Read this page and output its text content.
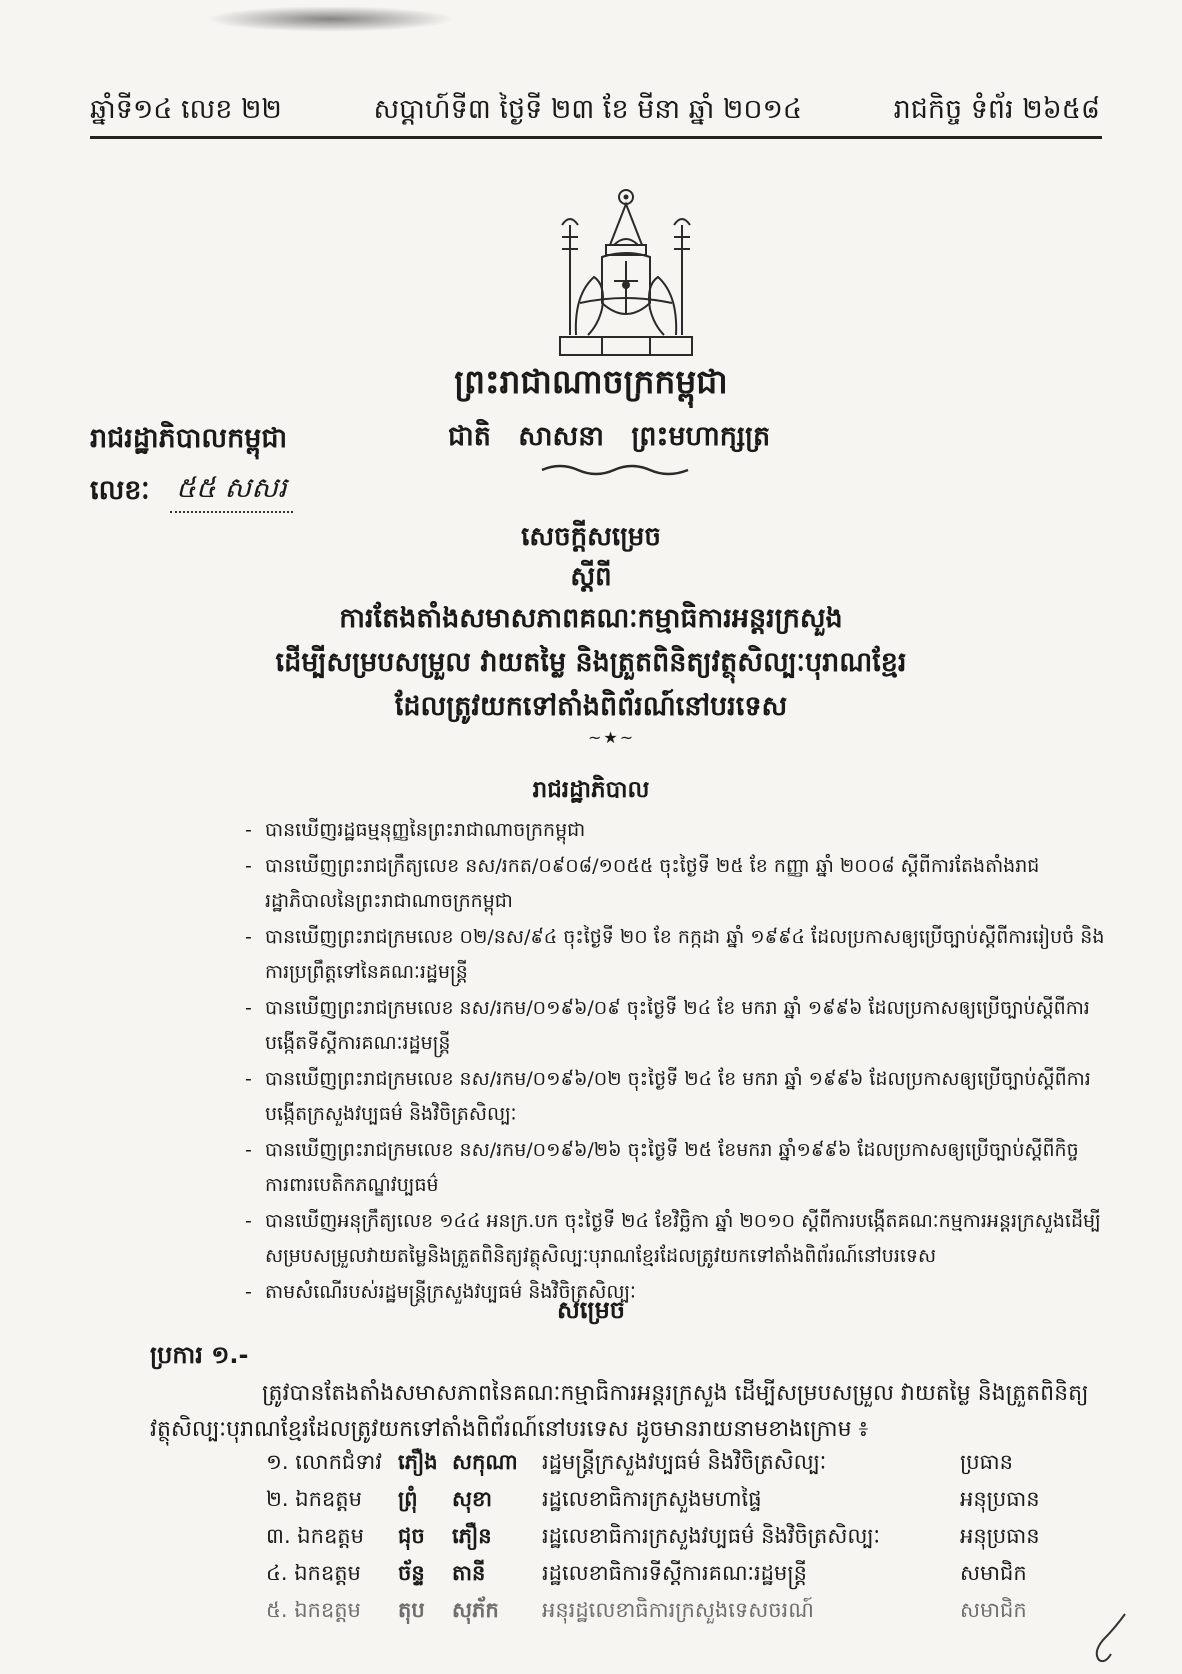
ឆ្នាំទី១៤ លេខ ២២	សប្ដាហ៍ទី៣ ថ្ងៃទី ២៣ ខែ មីនា ឆ្នាំ ២០១៤	រាជកិច្ច ទំព័រ ២៦៥៨
ព្រះរាជាណាចក្រកម្ពុជា
ជាតិ សាសនា ព្រះមហាក្សត្រ
រាជរដ្ឋាភិបាលកម្ពុជា
លេខៈ ៥៥ សសរ
សេចក្ដីសម្រេច
ស្ដីពី
ការតែងតាំងសមាសភាពគណៈកម្មាធិការអន្តរក្រសួង
ដើម្បីសម្របសម្រួល វាយតម្លៃ និងត្រួតពិនិត្យវត្ថុសិល្បៈបុរាណខ្មែរ
ដែលត្រូវយកទៅតាំងពិព័រណ៍នៅបរទេស
~★~
រាជរដ្ឋាភិបាល
- បានឃើញរដ្ឋធម្មនុញ្ញនៃព្រះរាជាណាចក្រកម្ពុជា
- បានឃើញព្រះរាជក្រឹត្យលេខ នស/រកត/០៩០៨/១០៥៥ ចុះថ្ងៃទី ២៥ ខែ កញ្ញា ឆ្នាំ ២០០៨ ស្ដីពីការតែងតាំងរាជរដ្ឋាភិបាលនៃព្រះរាជាណាចក្រកម្ពុជា
- បានឃើញព្រះរាជក្រមលេខ ០២/នស/៩៤ ចុះថ្ងៃទី ២០ ខែ កក្កដា ឆ្នាំ ១៩៩៤ ដែលប្រកាសឲ្យប្រើច្បាប់ស្ដីពីការរៀបចំ និងការប្រព្រឹត្តទៅនៃគណៈរដ្ឋមន្ត្រី
- បានឃើញព្រះរាជក្រមលេខ នស/រកម/០១៩៦/០៩ ចុះថ្ងៃទី ២៤ ខែ មករា ឆ្នាំ ១៩៩៦ ដែលប្រកាសឲ្យប្រើច្បាប់ស្ដីពីការបង្កើតទីស្ដីការគណៈរដ្ឋមន្ត្រី
- បានឃើញព្រះរាជក្រមលេខ នស/រកម/០១៩៦/០២ ចុះថ្ងៃទី ២៤ ខែ មករា ឆ្នាំ ១៩៩៦ ដែលប្រកាសឲ្យប្រើច្បាប់ស្ដីពីការបង្កើតក្រសួងវប្បធម៌ និងវិចិត្រសិល្បៈ
- បានឃើញព្រះរាជក្រមលេខ នស/រកម/០១៩៦/២៦ ចុះថ្ងៃទី ២៥ ខែមករា ឆ្នាំ១៩៩៦ ដែលប្រកាសឲ្យប្រើច្បាប់ស្ដីពីកិច្ចការពារបេតិកភណ្ឌវប្បធម៌
- បានឃើញអនុក្រឹត្យលេខ ១៤៤ អនក្រ.បក ចុះថ្ងៃទី ២៤ ខែវិច្ឆិកា ឆ្នាំ ២០១០ ស្ដីពីការបង្កើតគណៈកម្មការអន្តរក្រសួងដើម្បីសម្របសម្រួលវាយតម្លៃនិងត្រួតពិនិត្យវត្ថុសិល្បៈបុរាណខ្មែរដែលត្រូវយកទៅតាំងពិព័រណ៍នៅបរទេស
- តាមសំណើរបស់រដ្ឋមន្ត្រីក្រសួងវប្បធម៌ និងវិចិត្រសិល្បៈ
សម្រេច
ប្រការ ១.-
ត្រូវបានតែងតាំងសមាសភាពនៃគណៈកម្មាធិការអន្តរក្រសួង ដើម្បីសម្របសម្រួល វាយតម្លៃ និងត្រួតពិនិត្យវត្ថុសិល្បៈបុរាណខ្មែរដែលត្រូវយកទៅតាំងពិព័រណ៍នៅបរទេស ដូចមានរាយនាមខាងក្រោម ៖
១. លោកជំទាវ	ភឿង	សកុណា	រដ្ឋមន្ត្រីក្រសួងវប្បធម៌ និងវិចិត្រសិល្បៈ	ប្រធាន
២. ឯកឧត្តម	ព្រុំ	សុខា	រដ្ឋលេខាធិការក្រសួងមហាផ្ទៃ	អនុប្រធាន
៣. ឯកឧត្តម	ជុច	ភឿន	រដ្ឋលេខាធិការក្រសួងវប្បធម៌ និងវិចិត្រសិល្បៈ	អនុប្រធាន
៤. ឯកឧត្តម	ច័ន្ទ	តានី	រដ្ឋលេខាធិការទីស្ដីការគណៈរដ្ឋមន្ត្រី	សមាជិក
៥. ឯកឧត្តម	តុប	សុភ័ក	អនុរដ្ឋលេខាធិការក្រសួងទេសចរណ៍	សមាជិក
